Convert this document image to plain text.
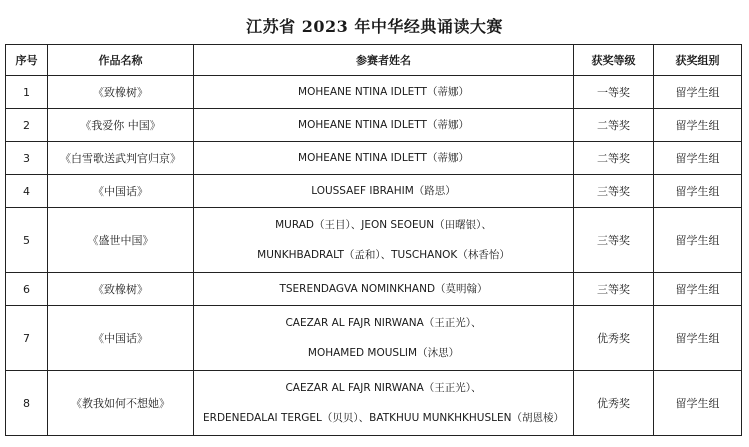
江苏省 2023 年中华经典诵读大赛
序号	作品名称	参赛者姓名	获奖等级	获奖组别
1	《致橡树》	MOHEANE NTINA IDLETT（蒂娜）	一等奖	留学生组
2	《我爱你 中国》	MOHEANE NTINA IDLETT（蒂娜）	二等奖	留学生组
3	《白雪歌送武判官归京》	MOHEANE NTINA IDLETT（蒂娜）	二等奖	留学生组
4	《中国话》	LOUSSAEF IBRAHIM（路思）	三等奖	留学生组
5	《盛世中国》	MURAD（王目）、JEON SEOEUN（田曙银）、
MUNKHBADRALT（孟和）、TUSCHANOK（林香怡）	三等奖	留学生组
6	《致橡树》	TSERENDAGVA NOMINKHAND（莫明翰）	三等奖	留学生组
7	《中国话》	CAEZAR AL FAJR NIRWANA（王正光）、
MOHAMED MOUSLIM（沐思）	优秀奖	留学生组
8	《教我如何不想她》	CAEZAR AL FAJR NIRWANA（王正光）、
ERDENEDALAI TERGEL（贝贝）、BATKHUU MUNKHKHUSLEN（胡恩棱）	优秀奖	留学生组
